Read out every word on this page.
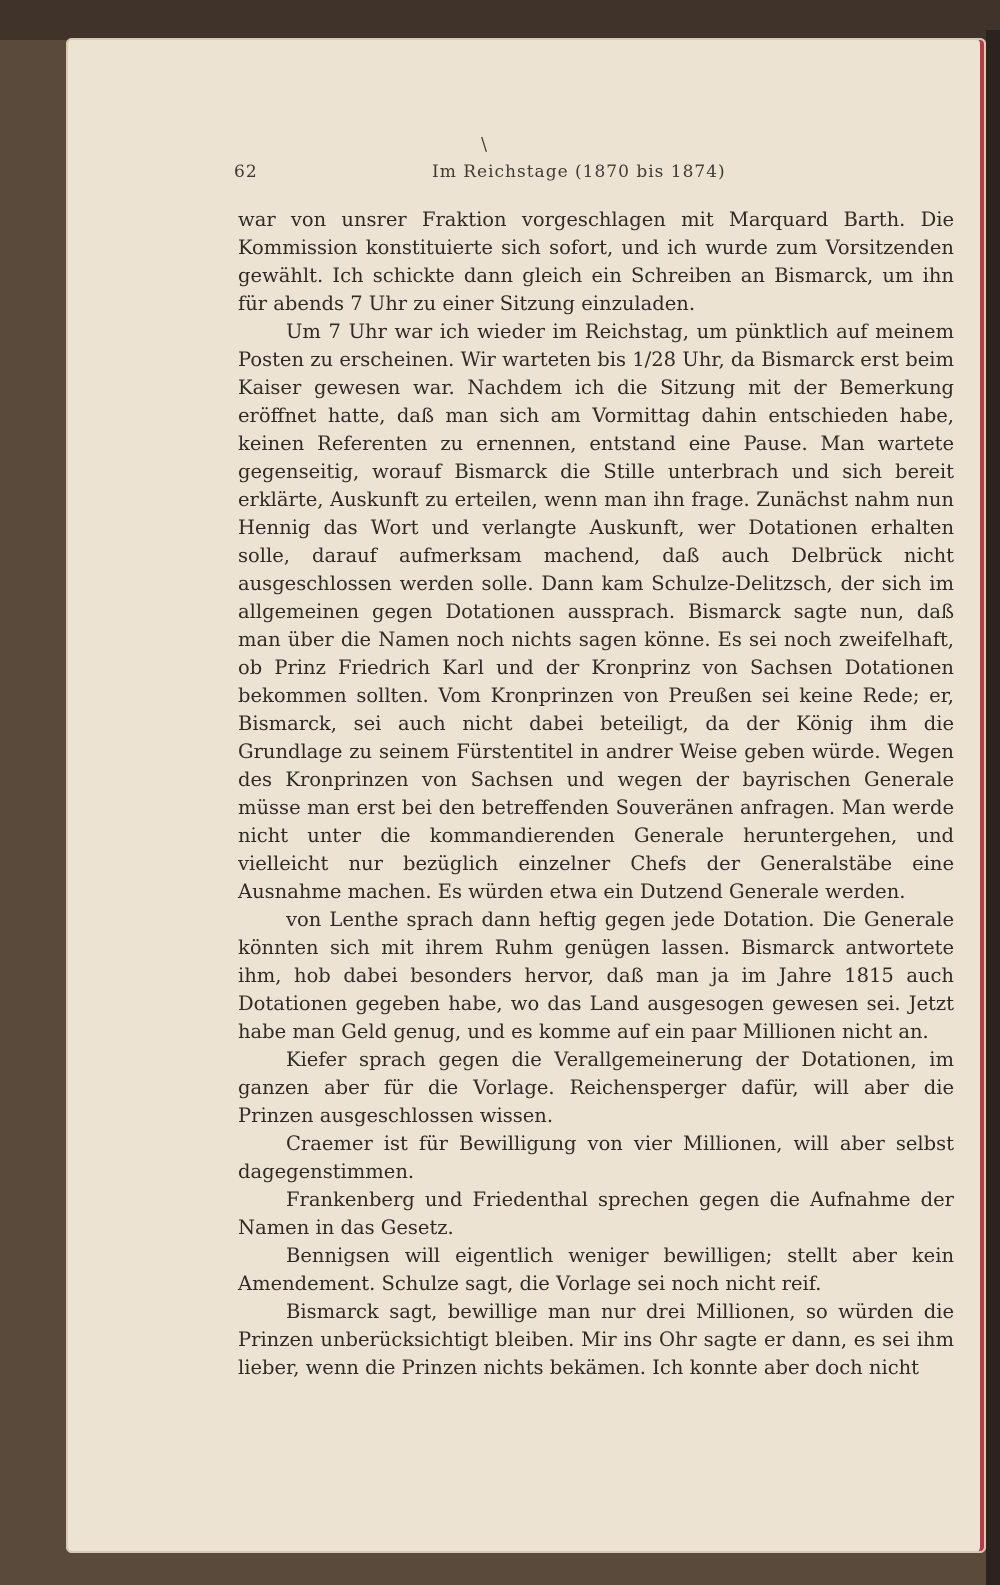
\
62	Im Reichstage (1870 bis 1874)

war von unsrer Fraktion vorgeschlagen mit Marquard Barth. Die Kommission konstituierte sich sofort, und ich wurde zum Vorsitzenden gewählt. Ich schickte dann gleich ein Schreiben an Bismarck, um ihn für abends 7 Uhr zu einer Sitzung einzuladen.

Um 7 Uhr war ich wieder im Reichstag, um pünktlich auf meinem Posten zu erscheinen. Wir warteten bis 1/28 Uhr, da Bismarck erst beim Kaiser gewesen war. Nachdem ich die Sitzung mit der Bemerkung eröffnet hatte, daß man sich am Vormittag dahin entschieden habe, keinen Referenten zu ernennen, entstand eine Pause. Man wartete gegenseitig, worauf Bismarck die Stille unterbrach und sich bereit erklärte, Auskunft zu erteilen, wenn man ihn frage. Zunächst nahm nun Hennig das Wort und verlangte Auskunft, wer Dotationen erhalten solle, darauf aufmerksam machend, daß auch Delbrück nicht ausgeschlossen werden solle. Dann kam Schulze-Delitzsch, der sich im allgemeinen gegen Dotationen aussprach. Bismarck sagte nun, daß man über die Namen noch nichts sagen könne. Es sei noch zweifelhaft, ob Prinz Friedrich Karl und der Kronprinz von Sachsen Dotationen bekommen sollten. Vom Kronprinzen von Preußen sei keine Rede; er, Bismarck, sei auch nicht dabei beteiligt, da der König ihm die Grundlage zu seinem Fürstentitel in andrer Weise geben würde. Wegen des Kronprinzen von Sachsen und wegen der bayrischen Generale müsse man erst bei den betreffenden Souveränen anfragen. Man werde nicht unter die kommandierenden Generale heruntergehen, und vielleicht nur bezüglich einzelner Chefs der Generalstäbe eine Ausnahme machen. Es würden etwa ein Dutzend Generale werden.

von Lenthe sprach dann heftig gegen jede Dotation. Die Generale könnten sich mit ihrem Ruhm genügen lassen. Bismarck antwortete ihm, hob dabei besonders hervor, daß man ja im Jahre 1815 auch Dotationen gegeben habe, wo das Land ausgesogen gewesen sei. Jetzt habe man Geld genug, und es komme auf ein paar Millionen nicht an.

Kiefer sprach gegen die Verallgemeinerung der Dotationen, im ganzen aber für die Vorlage. Reichensperger dafür, will aber die Prinzen ausgeschlossen wissen.

Craemer ist für Bewilligung von vier Millionen, will aber selbst dagegenstimmen.

Frankenberg und Friedenthal sprechen gegen die Aufnahme der Namen in das Gesetz.

Bennigsen will eigentlich weniger bewilligen; stellt aber kein Amendement. Schulze sagt, die Vorlage sei noch nicht reif.

Bismarck sagt, bewillige man nur drei Millionen, so würden die Prinzen unberücksichtigt bleiben. Mir ins Ohr sagte er dann, es sei ihm lieber, wenn die Prinzen nichts bekämen. Ich konnte aber doch nicht
